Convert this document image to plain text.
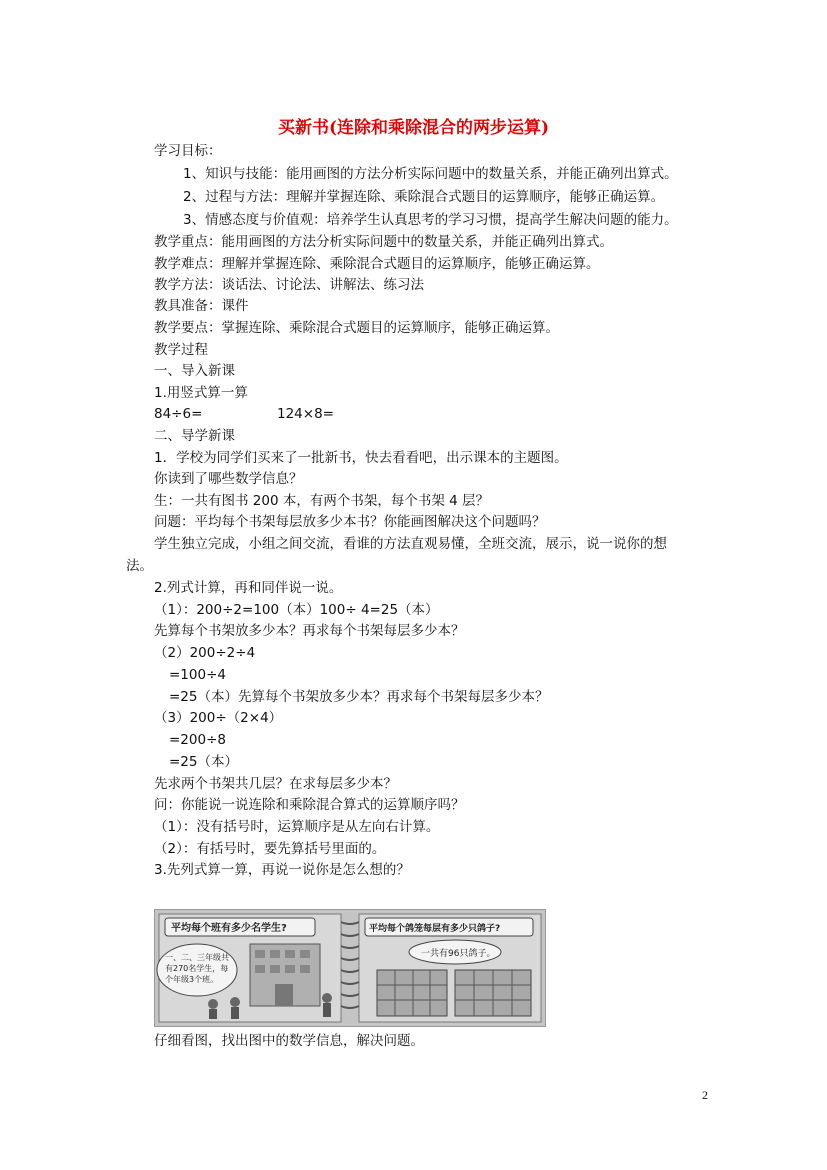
买新书(连除和乘除混合的两步运算)
学习目标：
1、知识与技能：能用画图的方法分析实际问题中的数量关系，并能正确列出算式。
2、过程与方法：理解并掌握连除、乘除混合式题目的运算顺序，能够正确运算。
3、情感态度与价值观：培养学生认真思考的学习习惯，提高学生解决问题的能力。
教学重点：能用画图的方法分析实际问题中的数量关系，并能正确列出算式。
教学难点：理解并掌握连除、乘除混合式题目的运算顺序，能够正确运算。
教学方法：谈话法、讨论法、讲解法、练习法
教具准备：课件
教学要点：掌握连除、乘除混合式题目的运算顺序，能够正确运算。
教学过程
一、导入新课
1.用竖式算一算
84÷6=	124×8=
二、导学新课
1．学校为同学们买来了一批新书，快去看看吧，出示课本的主题图。
你读到了哪些数学信息？
生：一共有图书 200 本，有两个书架，每个书架 4 层？
问题：平均每个书架每层放多少本书？你能画图解决这个问题吗？
学生独立完成，小组之间交流，看谁的方法直观易懂，全班交流，展示，说一说你的想
法。
2.列式计算，再和同伴说一说。
（1）：200÷2=100（本）100÷ 4=25（本）
先算每个书架放多少本？再求每个书架每层多少本？
（2）200÷2÷4
=100÷4
=25（本）先算每个书架放多少本？再求每个书架每层多少本？
（3）200÷（2×4）
=200÷8
=25（本）
先求两个书架共几层？在求每层多少本？
问：你能说一说连除和乘除混合算式的运算顺序吗？
（1）：没有括号时，运算顺序是从左向右计算。
（2）：有括号时，要先算括号里面的。
3.先列式算一算，再说一说你是怎么想的？
平均每个班有多少名学生?
一、二、三年级共
有270名学生，每
个年级3个班。
平均每个鸽笼每层有多少只鸽子?
一共有96只鸽子。
仔细看图，找出图中的数学信息，解决问题。
2
